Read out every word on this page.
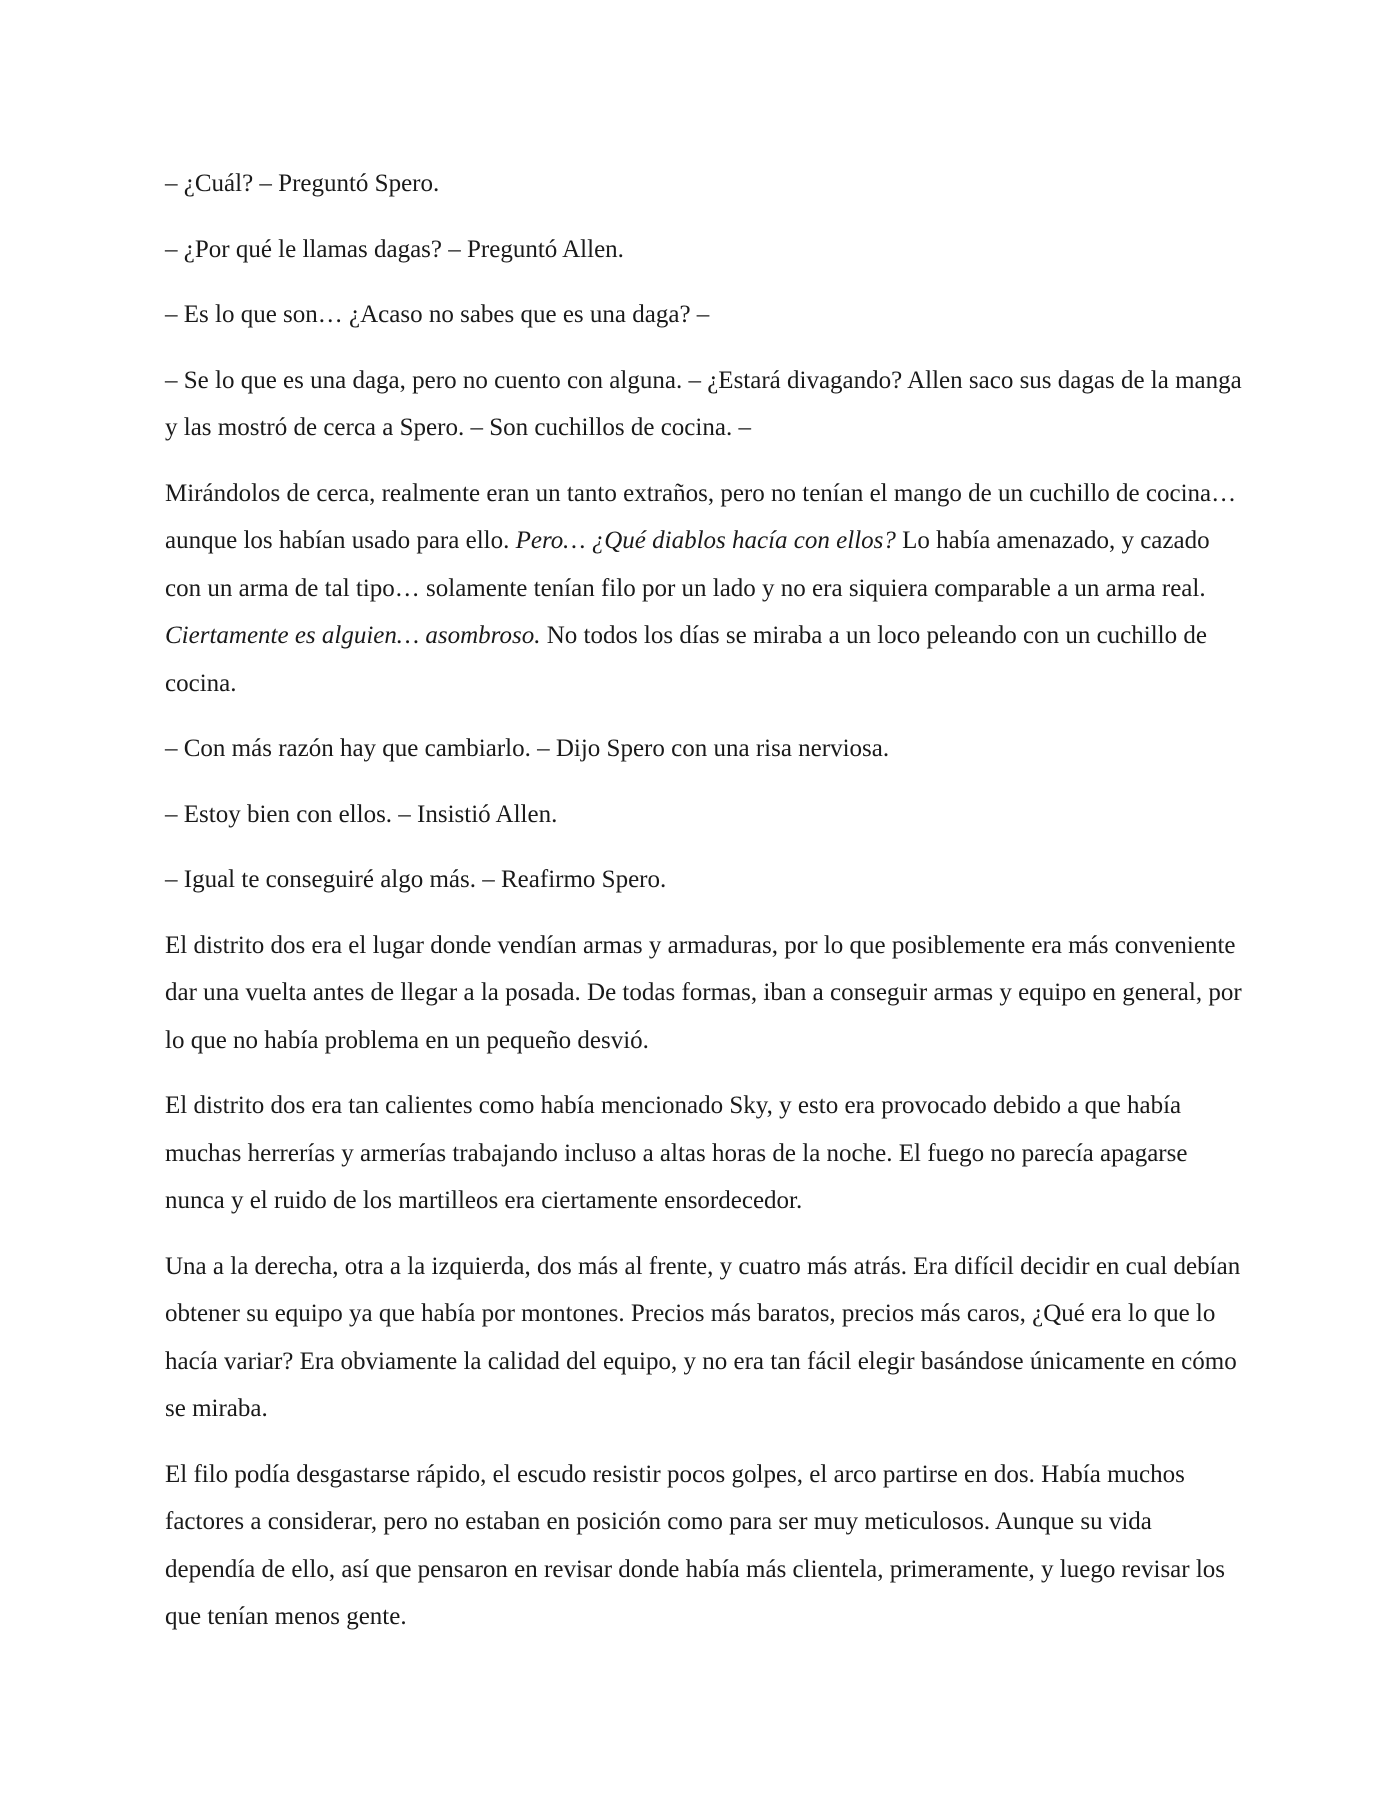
– ¿Cuál? – Preguntó Spero.

– ¿Por qué le llamas dagas? – Preguntó Allen.

– Es lo que son… ¿Acaso no sabes que es una daga? –

– Se lo que es una daga, pero no cuento con alguna. – ¿Estará divagando? Allen saco sus dagas de la manga y las mostró de cerca a Spero. – Son cuchillos de cocina. –

Mirándolos de cerca, realmente eran un tanto extraños, pero no tenían el mango de un cuchillo de cocina… aunque los habían usado para ello. Pero… ¿Qué diablos hacía con ellos? Lo había amenazado, y cazado con un arma de tal tipo… solamente tenían filo por un lado y no era siquiera comparable a un arma real. Ciertamente es alguien… asombroso. No todos los días se miraba a un loco peleando con un cuchillo de cocina.

– Con más razón hay que cambiarlo. – Dijo Spero con una risa nerviosa.

– Estoy bien con ellos. – Insistió Allen.

– Igual te conseguiré algo más. – Reafirmo Spero.

El distrito dos era el lugar donde vendían armas y armaduras, por lo que posiblemente era más conveniente dar una vuelta antes de llegar a la posada. De todas formas, iban a conseguir armas y equipo en general, por lo que no había problema en un pequeño desvió.

El distrito dos era tan calientes como había mencionado Sky, y esto era provocado debido a que había muchas herrerías y armerías trabajando incluso a altas horas de la noche. El fuego no parecía apagarse nunca y el ruido de los martilleos era ciertamente ensordecedor.

Una a la derecha, otra a la izquierda, dos más al frente, y cuatro más atrás. Era difícil decidir en cual debían obtener su equipo ya que había por montones. Precios más baratos, precios más caros, ¿Qué era lo que lo hacía variar? Era obviamente la calidad del equipo, y no era tan fácil elegir basándose únicamente en cómo se miraba.

El filo podía desgastarse rápido, el escudo resistir pocos golpes, el arco partirse en dos. Había muchos factores a considerar, pero no estaban en posición como para ser muy meticulosos. Aunque su vida dependía de ello, así que pensaron en revisar donde había más clientela, primeramente, y luego revisar los que tenían menos gente.
